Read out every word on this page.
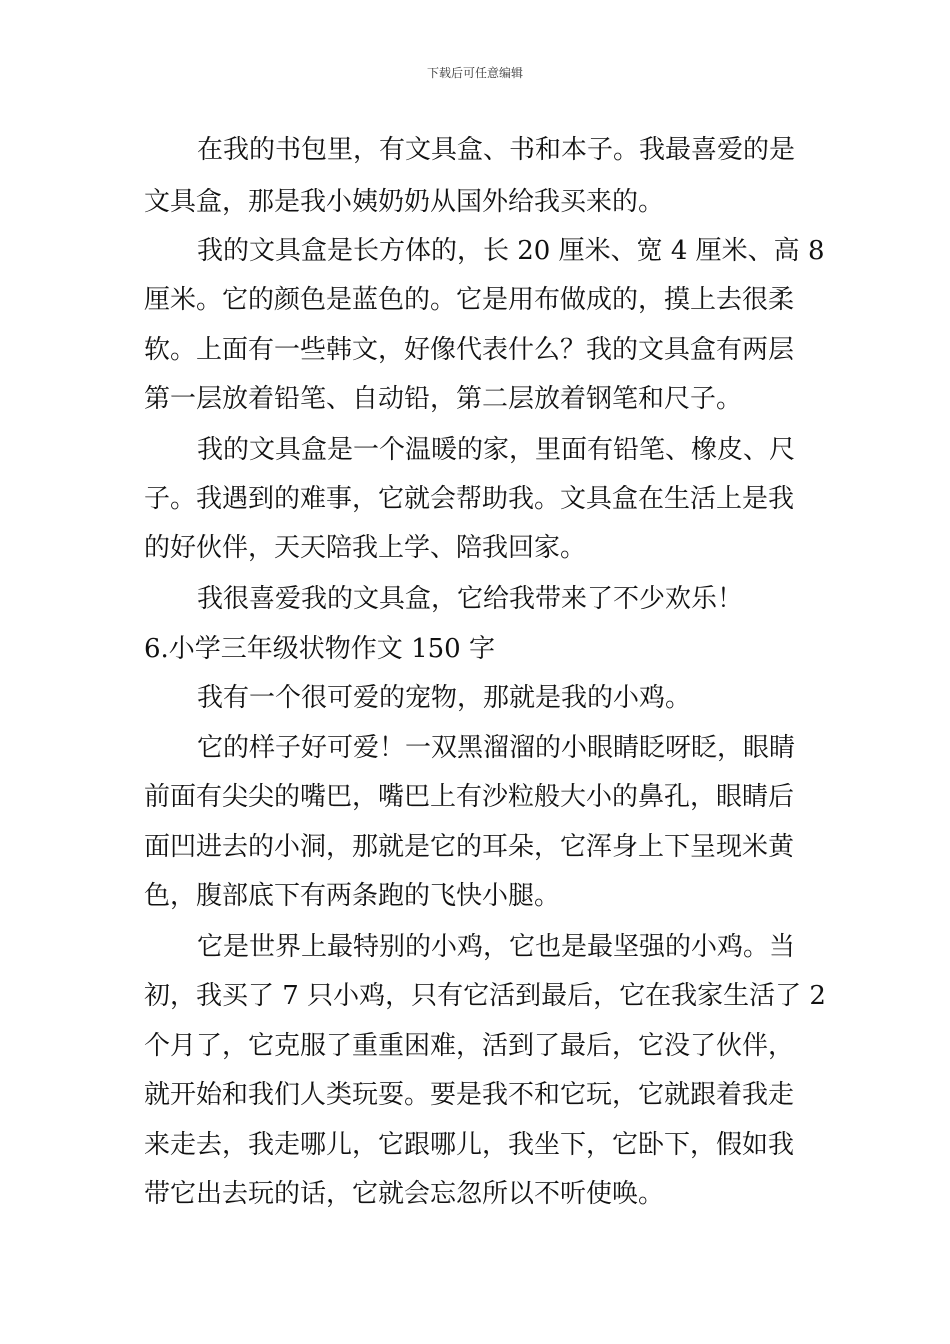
下载后可任意编辑
在我的书包里，有文具盒、书和本子。我最喜爱的是
文具盒，那是我小姨奶奶从国外给我买来的。
我的文具盒是长方体的，长 20 厘米、宽 4 厘米、高 8
厘米。它的颜色是蓝色的。它是用布做成的，摸上去很柔
软。上面有一些韩文，好像代表什么？我的文具盒有两层
第一层放着铅笔、自动铅，第二层放着钢笔和尺子。
我的文具盒是一个温暖的家，里面有铅笔、橡皮、尺
子。我遇到的难事，它就会帮助我。文具盒在生活上是我
的好伙伴，天天陪我上学、陪我回家。
我很喜爱我的文具盒，它给我带来了不少欢乐！
6.小学三年级状物作文 150 字
我有一个很可爱的宠物，那就是我的小鸡。
它的样子好可爱！一双黑溜溜的小眼睛眨呀眨，眼睛
前面有尖尖的嘴巴，嘴巴上有沙粒般大小的鼻孔，眼睛后
面凹进去的小洞，那就是它的耳朵，它浑身上下呈现米黄
色，腹部底下有两条跑的飞快小腿。
它是世界上最特别的小鸡，它也是最坚强的小鸡。当
初，我买了 7 只小鸡，只有它活到最后，它在我家生活了 2
个月了，它克服了重重困难，活到了最后，它没了伙伴，
就开始和我们人类玩耍。要是我不和它玩，它就跟着我走
来走去，我走哪儿，它跟哪儿，我坐下，它卧下，假如我
带它出去玩的话，它就会忘忽所以不听使唤。
